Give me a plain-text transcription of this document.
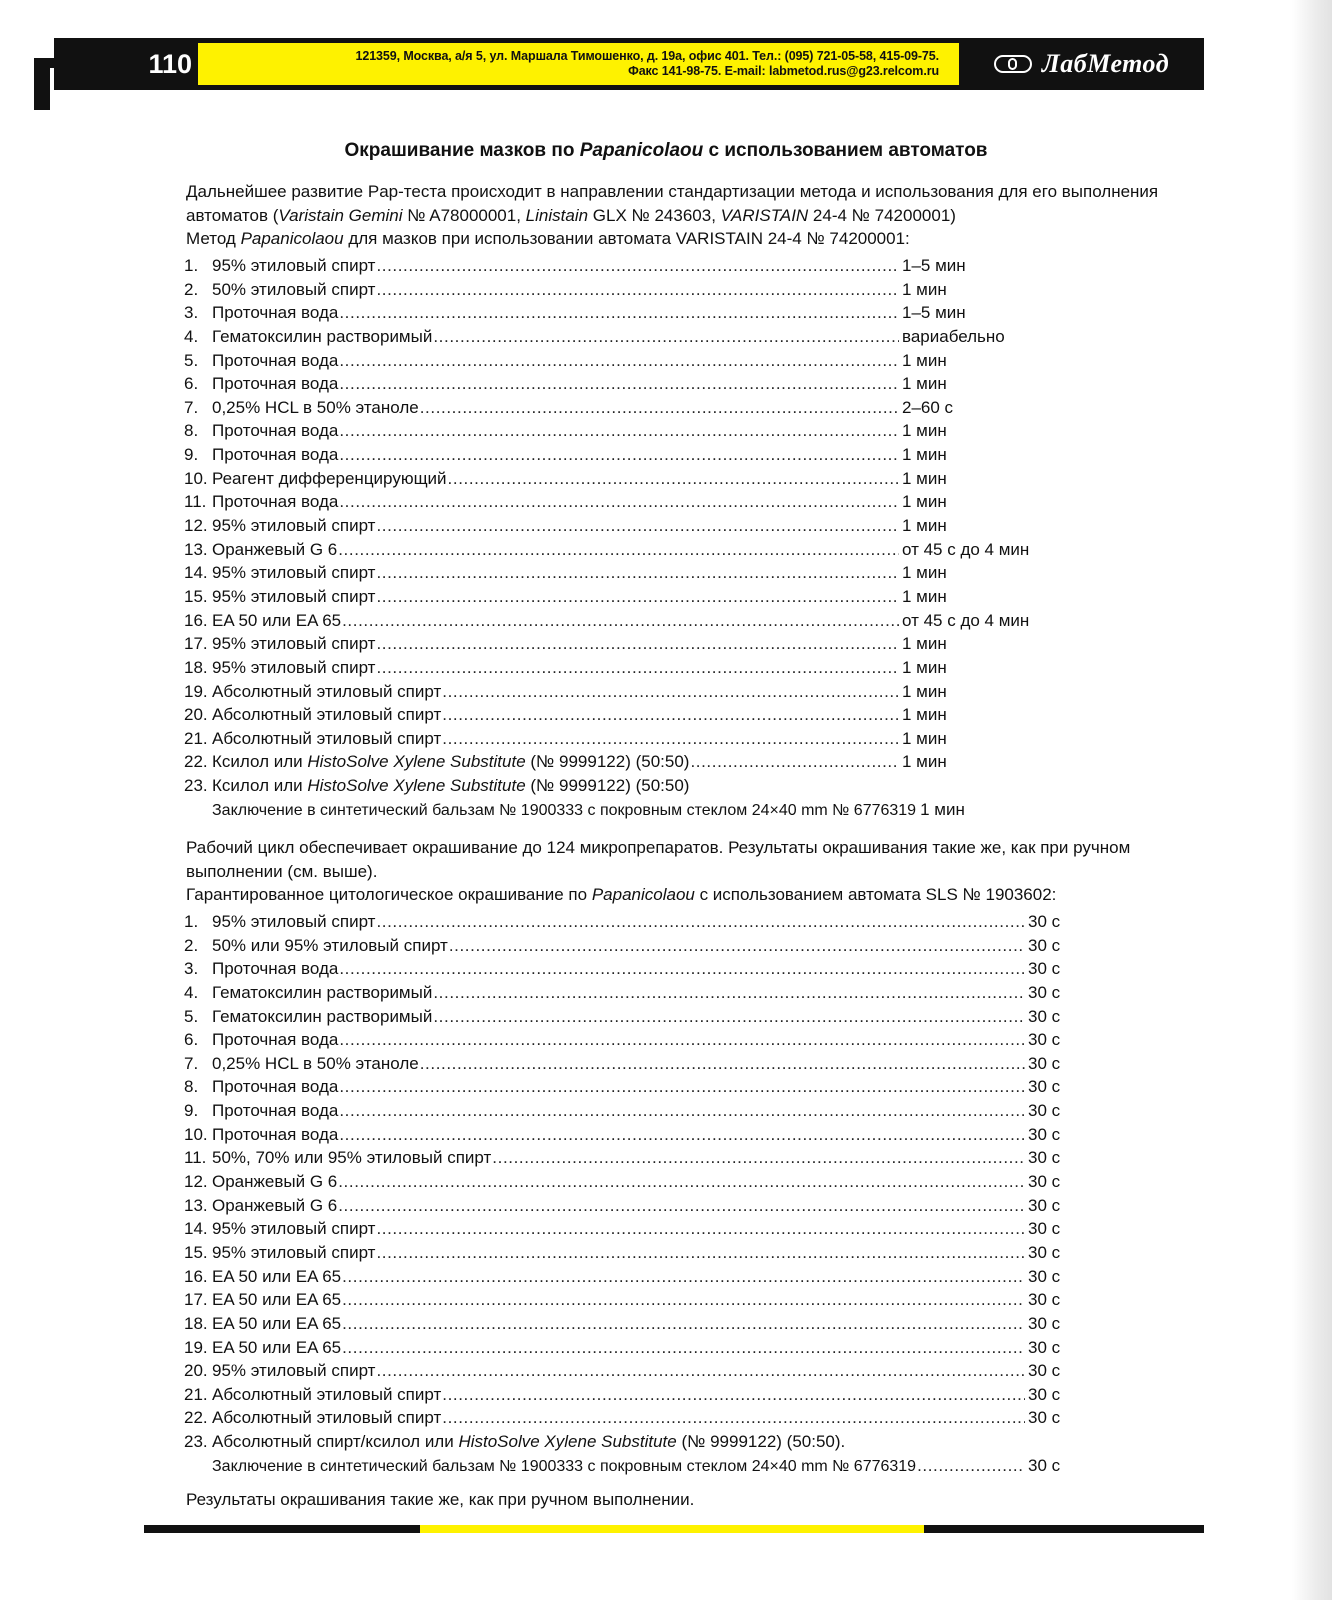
110	121359, Москва, а/я 5, ул. Маршала Тимошенко, д. 19а, офис 401. Тел.: (095) 721-05-58, 415-09-75.
Факс 141-98-75. E-mail: labmetod.rus@g23.relcom.ru	ЛабМетод
Окрашивание мазков по Papanicolaou с использованием автоматов
Дальнейшее развитие Pap-теста происходит в направлении стандартизации метода и использования для его выполнения автоматов (Varistain Gemini № A78000001, Linistain GLX № 243603, VARISTAIN 24-4 № 74200001)
Метод Papanicolaou для мазков при использовании автомата VARISTAIN 24-4 № 74200001:
1. 95% этиловый спирт .....	1–5 мин
2. 50% этиловый спирт .....	1 мин
3. Проточная вода .....	1–5 мин
4. Гематоксилин растворимый .....	вариабельно
5. Проточная вода .....	1 мин
6. Проточная вода .....	1 мин
7. 0,25% HCL в 50% этаноле .....	2–60 с
8. Проточная вода .....	1 мин
9. Проточная вода .....	1 мин
10. Реагент дифференцирующий .....	1 мин
11. Проточная вода .....	1 мин
12. 95% этиловый спирт .....	1 мин
13. Оранжевый G 6 .....	от 45 с до 4 мин
14. 95% этиловый спирт .....	1 мин
15. 95% этиловый спирт .....	1 мин
16. EA 50 или EA 65 .....	от 45 с до 4 мин
17. 95% этиловый спирт .....	1 мин
18. 95% этиловый спирт .....	1 мин
19. Абсолютный этиловый спирт .....	1 мин
20. Абсолютный этиловый спирт .....	1 мин
21. Абсолютный этиловый спирт .....	1 мин
22. Ксилол или HistoSolve Xylene Substitute (№ 9999122) (50:50) .....	1 мин
23. Ксилол или HistoSolve Xylene Substitute (№ 9999122) (50:50)
Заключение в синтетический бальзам № 1900333 с покровным стеклом 24×40 mm № 6776319 1 мин
Рабочий цикл обеспечивает окрашивание до 124 микропрепаратов. Результаты окрашивания такие же, как при ручном выполнении (см. выше).
Гарантированное цитологическое окрашивание по Papanicolaou с использованием автомата SLS № 1903602:
1. 95% этиловый спирт .....	30 с
2. 50% или 95% этиловый спирт .....	30 с
3. Проточная вода .....	30 с
4. Гематоксилин растворимый .....	30 с
5. Гематоксилин растворимый .....	30 с
6. Проточная вода .....	30 с
7. 0,25% HCL в 50% этаноле .....	30 с
8. Проточная вода .....	30 с
9. Проточная вода .....	30 с
10. Проточная вода .....	30 с
11. 50%, 70% или 95% этиловый спирт .....	30 с
12. Оранжевый G 6 .....	30 с
13. Оранжевый G 6 .....	30 с
14. 95% этиловый спирт .....	30 с
15. 95% этиловый спирт .....	30 с
16. EA 50 или EA 65 .....	30 с
17. EA 50 или EA 65 .....	30 с
18. EA 50 или EA 65 .....	30 с
19. EA 50 или EA 65 .....	30 с
20. 95% этиловый спирт .....	30 с
21. Абсолютный этиловый спирт .....	30 с
22. Абсолютный этиловый спирт .....	30 с
23. Абсолютный спирт/ксилол или HistoSolve Xylene Substitute (№ 9999122) (50:50).
Заключение в синтетический бальзам № 1900333 с покровным стеклом 24×40 mm № 6776319 .....	30 с
Результаты окрашивания такие же, как при ручном выполнении.
